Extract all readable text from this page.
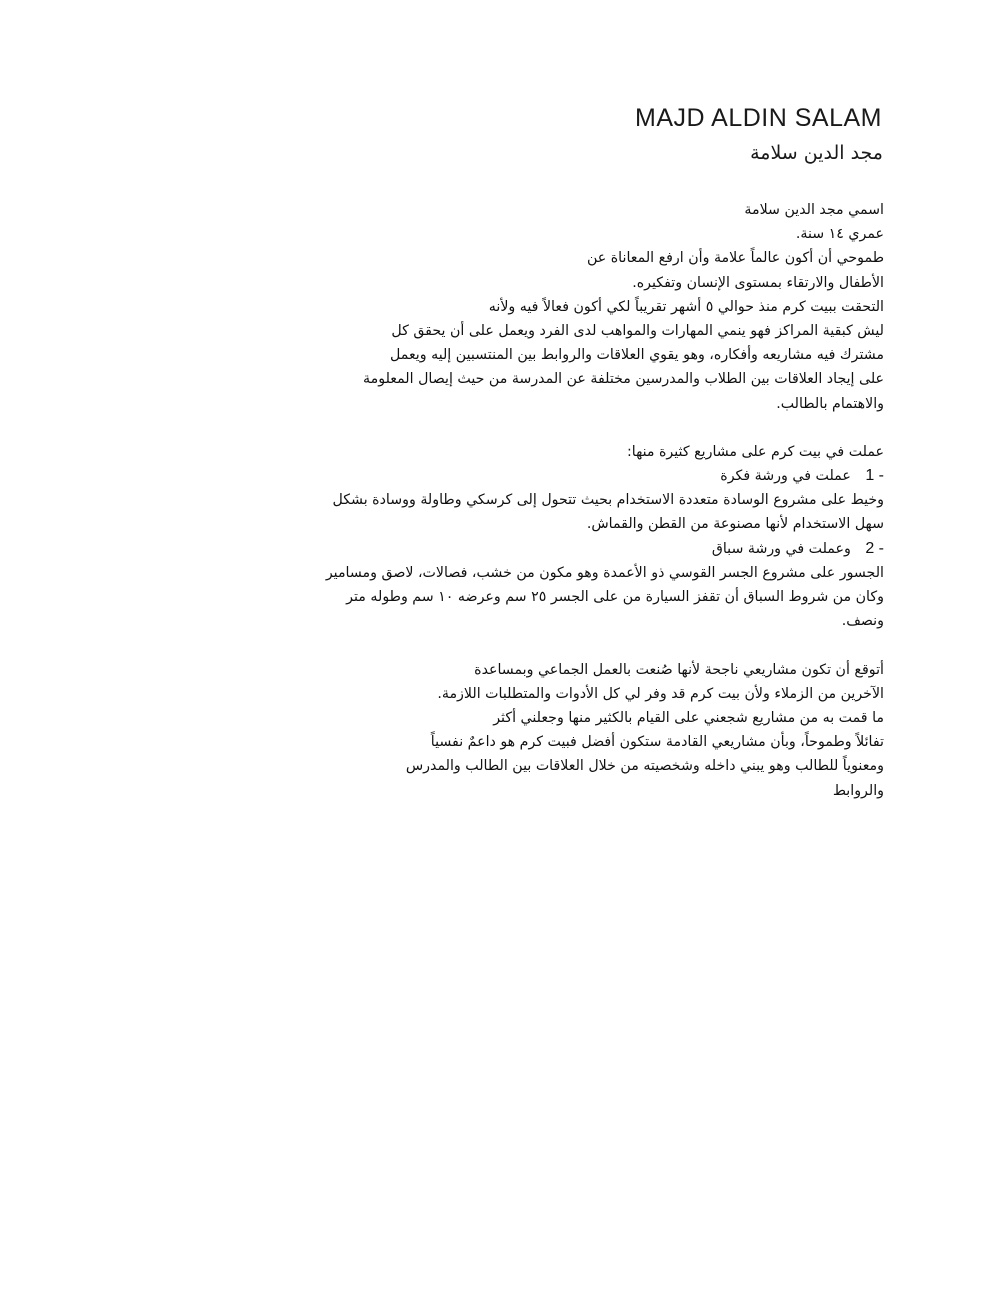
MAJD ALDIN SALAM
مجد الدين سلامة
اسمي مجد الدين سلامة
عمري ١٤ سنة.
طموحي أن أكون عالماً علامة وأن ارفع المعاناة عن
الأطفال والارتقاء بمستوى الإنسان وتفكيره.
التحقت ببيت كرم منذ حوالي ٥ أشهر تقريباً لكي أكون فعالاً فيه ولأنه
ليش كبقية المراكز فهو ينمي المهارات والمواهب لدى الفرد ويعمل على أن يحقق كل
مشترك فيه مشاريعه وأفكاره، وهو يقوي العلاقات والروابط بين المنتسبين إليه ويعمل
على إيجاد العلاقات بين الطلاب والمدرسين مختلفة عن المدرسة من حيث إيصال المعلومة
والاهتمام بالطالب.
عملت في بيت كرم على مشاريع كثيرة منها:
1 - عملت في ورشة فكرة
وخيط على مشروع الوسادة متعددة الاستخدام بحيث تتحول إلى كرسكي وطاولة ووسادة بشكل
سهل الاستخدام لأنها مصنوعة من القطن والقماش.
2 - وعملت في ورشة سباق
الجسور على مشروع الجسر القوسي ذو الأعمدة وهو مكون من خشب، فصالات، لاصق ومسامير
وكان من شروط السباق أن تقفز السيارة من على الجسر ٢٥ سم وعرضه ١٠ سم وطوله متر
ونصف.
أتوقع أن تكون مشاريعي ناجحة لأنها صُنعت بالعمل الجماعي وبمساعدة
الآخرين من الزملاء ولأن بيت كرم قد وفر لي كل الأدوات والمتطلبات اللازمة.
ما قمت به من مشاريع شجعني على القيام بالكثير منها وجعلني أكثر
تفائلاً وطموحاً، وبأن مشاريعي القادمة ستكون أفضل فبيت كرم هو داعمٌ نفسياً
ومعنوياً للطالب وهو يبني داخله وشخصيته من خلال العلاقات بين الطالب والمدرس
والروابط
